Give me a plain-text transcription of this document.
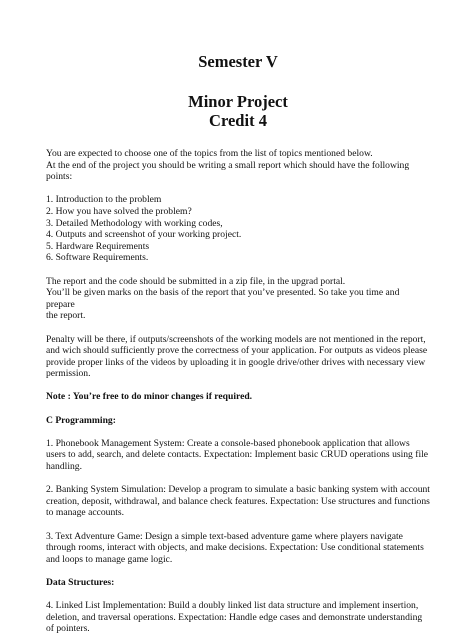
Semester V

Minor Project

Credit 4

You are expected to choose one of the topics from the list of topics mentioned below.
At the end of the project you should be writing a small report which should have the following
points:
1. Introduction to the problem
2. How you have solved the problem?
3. Detailed Methodology with working codes,
4. Outputs and screenshot of your working project.
5. Hardware Requirements
6. Software Requirements.
The report and the code should be submitted in a zip file, in the upgrad portal.
You’ll be given marks on the basis of the report that you’ve presented. So take you time and prepare
the report.
Penalty will be there, if outputs/screenshots of the working models are not mentioned in the report,
and wich should sufficiently prove the correctness of your application. For outputs as videos please
provide proper links of the videos by uploading it in google drive/other drives with necessary view
permission.
Note : You’re free to do minor changes if required.
C Programming:
1. Phonebook Management System: Create a console-based phonebook application that allows
users to add, search, and delete contacts. Expectation: Implement basic CRUD operations using file
handling.
2. Banking System Simulation: Develop a program to simulate a basic banking system with account
creation, deposit, withdrawal, and balance check features. Expectation: Use structures and functions
to manage accounts.
3. Text Adventure Game: Design a simple text-based adventure game where players navigate
through rooms, interact with objects, and make decisions. Expectation: Use conditional statements
and loops to manage game logic.
Data Structures:
4. Linked List Implementation: Build a doubly linked list data structure and implement insertion,
deletion, and traversal operations. Expectation: Handle edge cases and demonstrate understanding
of pointers.
